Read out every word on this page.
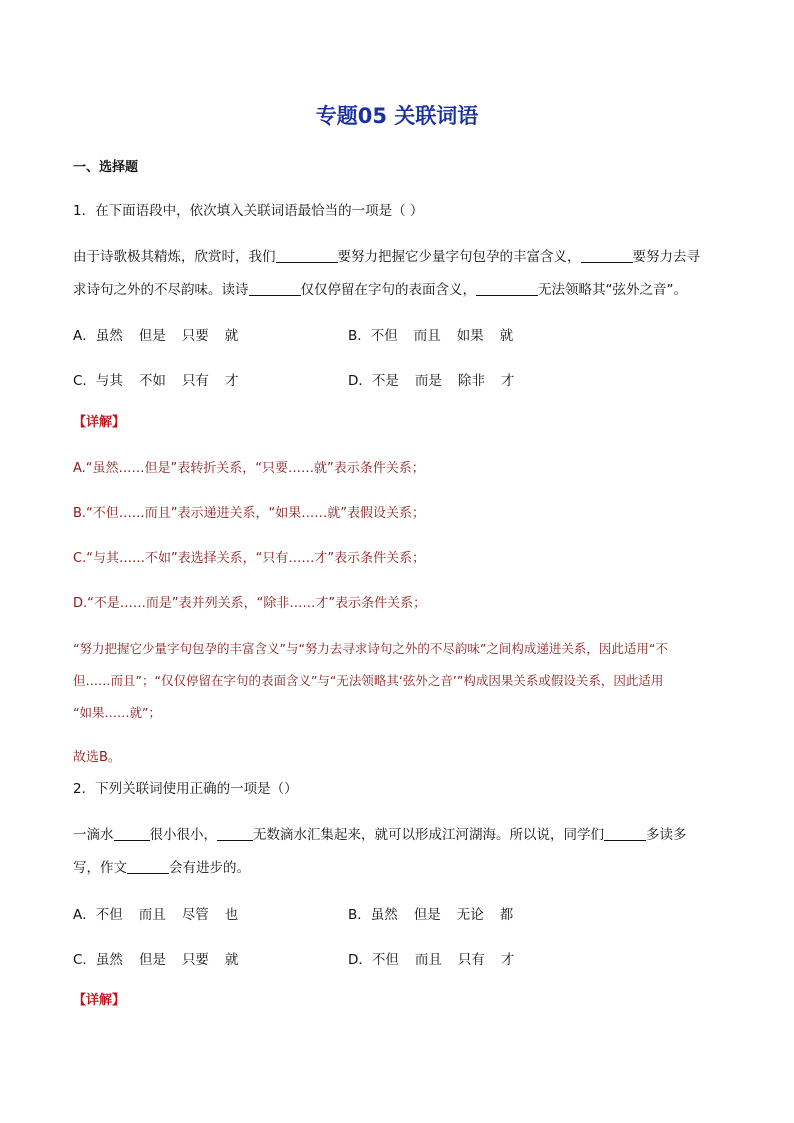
专题05 关联词语
一、选择题
1．在下面语段中，依次填入关联词语最恰当的一项是（ ）
由于诗歌极其精炼，欣赏时，我们	要努力把握它少量字句包孕的丰富含义，	要努力去寻
求诗句之外的不尽韵味。读诗	仅仅停留在字句的表面含义，	无法领略其“弦外之音”。
A．虽然 但是 只要 就	B．不但 而且 如果 就
C．与其 不如 只有 才	D．不是 而是 除非 才
【详解】
A.“虽然……但是”表转折关系，“只要……就”表示条件关系；
B.“不但……而且”表示递进关系，“如果……就”表假设关系；
C.“与其……不如”表选择关系，“只有……才”表示条件关系；
D.“不是……而是”表并列关系，“除非……才”表示条件关系；
“努力把握它少量字句包孕的丰富含义”与“努力去寻求诗句之外的不尽韵味”之间构成递进关系，因此适用“不
但……而且”；“仅仅停留在字句的表面含义”与“无法领略其‘弦外之音’”构成因果关系或假设关系，因此适用
“如果……就”；
故选B。
2．下列关联词使用正确的一项是（）
一滴水	很小很小，	无数滴水汇集起来，就可以形成江河湖海。所以说，同学们	多读多
写，作文	会有进步的。
A．不但 而且 尽管 也	B．虽然 但是 无论 都
C．虽然 但是 只要 就	D．不但 而且 只有 才
【详解】
